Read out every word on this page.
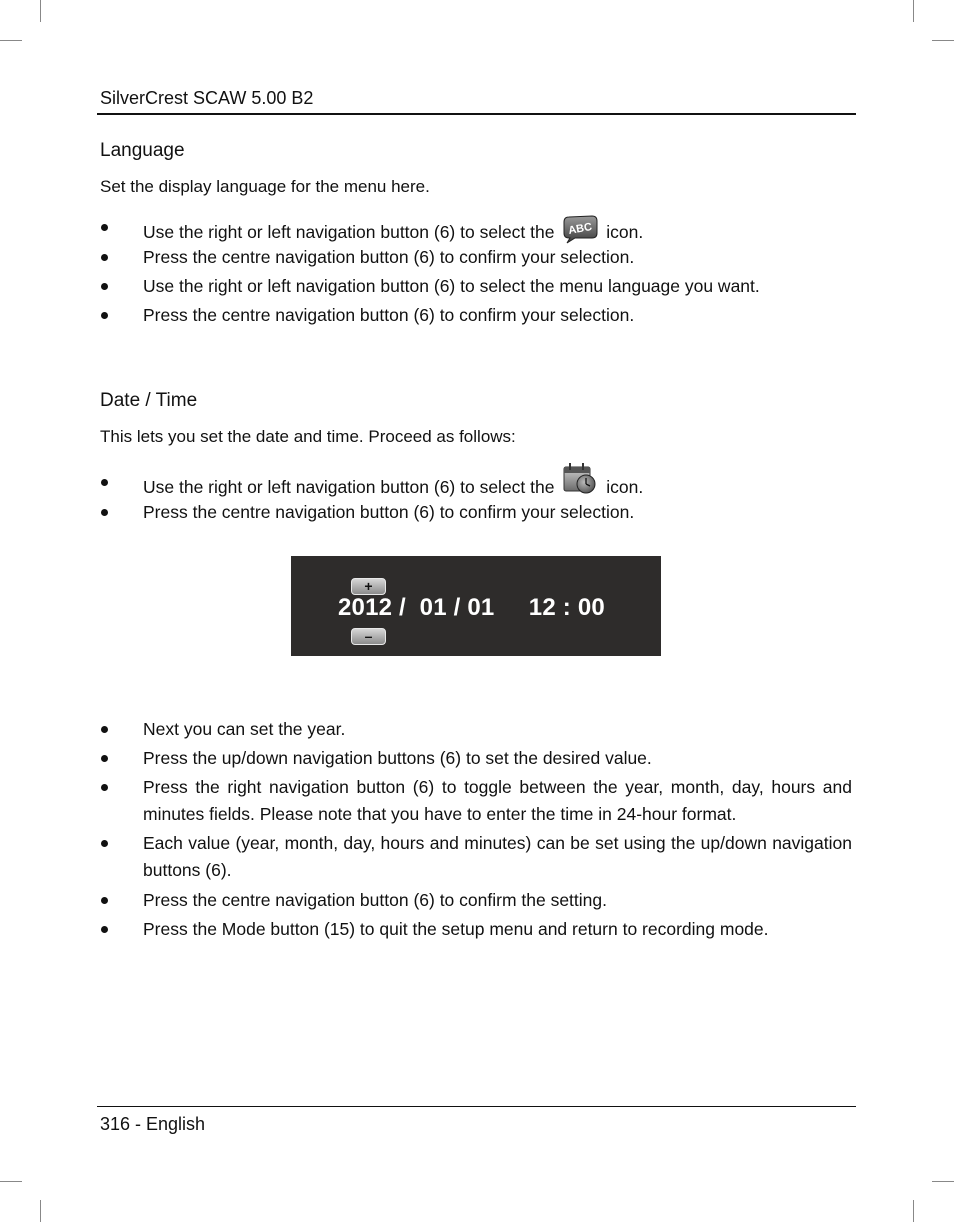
SilverCrest SCAW 5.00 B2
Language
Set the display language for the menu here.
Use the right or left navigation button (6) to select the ABC icon.
Press the centre navigation button (6) to confirm your selection.
Use the right or left navigation button (6) to select the menu language you want.
Press the centre navigation button (6) to confirm your selection.
Date / Time
This lets you set the date and time. Proceed as follows:
Use the right or left navigation button (6) to select the	icon.
Press the centre navigation button (6) to confirm your selection.
+
2012 /  01 / 01     12 : 00
–
Next you can set the year.
Press the up/down navigation buttons (6) to set the desired value.
Press the right navigation button (6) to toggle between the year, month, day, hours and minutes fields. Please note that you have to enter the time in 24-hour format.
Each value (year, month, day, hours and minutes) can be set using the up/down navigation buttons (6).
Press the centre navigation button (6) to confirm the setting.
Press the Mode button (15) to quit the setup menu and return to recording mode.
316 - English
